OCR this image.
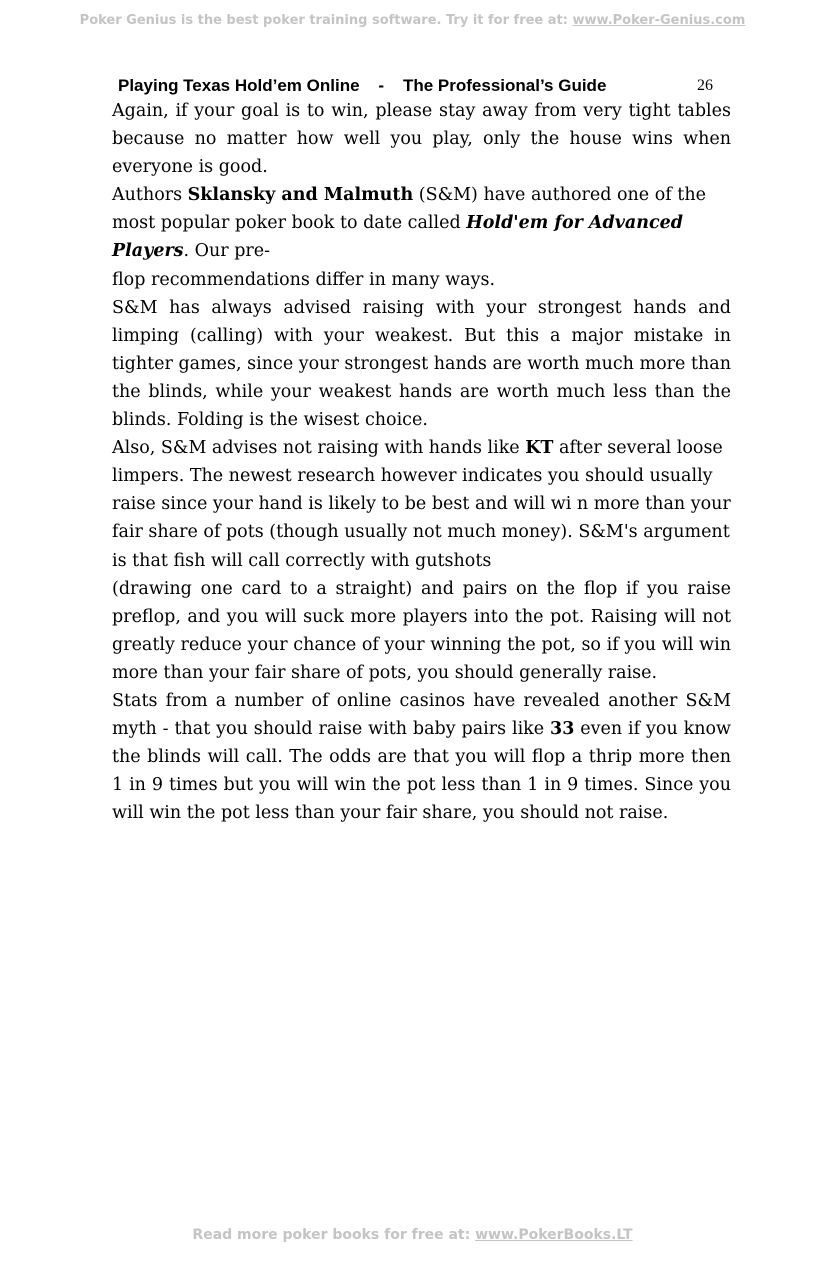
Poker Genius is the best poker training software. Try it for free at: www.Poker-Genius.com
Playing Texas Hold’em Online    -    The Professional’s Guide	26

Again, if your goal is to win, please stay away from very tight tables because no matter how well you play, only the house wins when everyone is good.

Authors Sklansky and Malmuth (S&M) have authored one of the most popular poker book to date called Hold'em for Advanced Players. Our pre-

flop recommendations differ in many ways.

S&M has always advised raising with your strongest hands and limping (calling) with your weakest. But this a major mistake in tighter games, since your strongest hands are worth much more than the blinds, while your weakest hands are worth much less than the blinds. Folding is the wisest choice.

Also, S&M advises not raising with hands like KT after several loose limpers. The newest research however indicates you should usually raise since your hand is likely to be best and will wi n more than your fair share of pots (though usually not much money). S&M's argument is that fish will call correctly with gutshots

(drawing one card to a straight) and pairs on the flop if you raise preflop, and you will suck more players into the pot. Raising will not greatly reduce your chance of your winning the pot, so if you will win more than your fair share of pots, you should generally raise.

Stats from a number of online casinos have revealed another S&M myth - that you should raise with baby pairs like 33 even if you know the blinds will call. The odds are that you will flop a thrip more then 1 in 9 times but you will win the pot less than 1 in 9 times. Since you will win the pot less than your fair share, you should not raise.

Read more poker books for free at: www.PokerBooks.LT
